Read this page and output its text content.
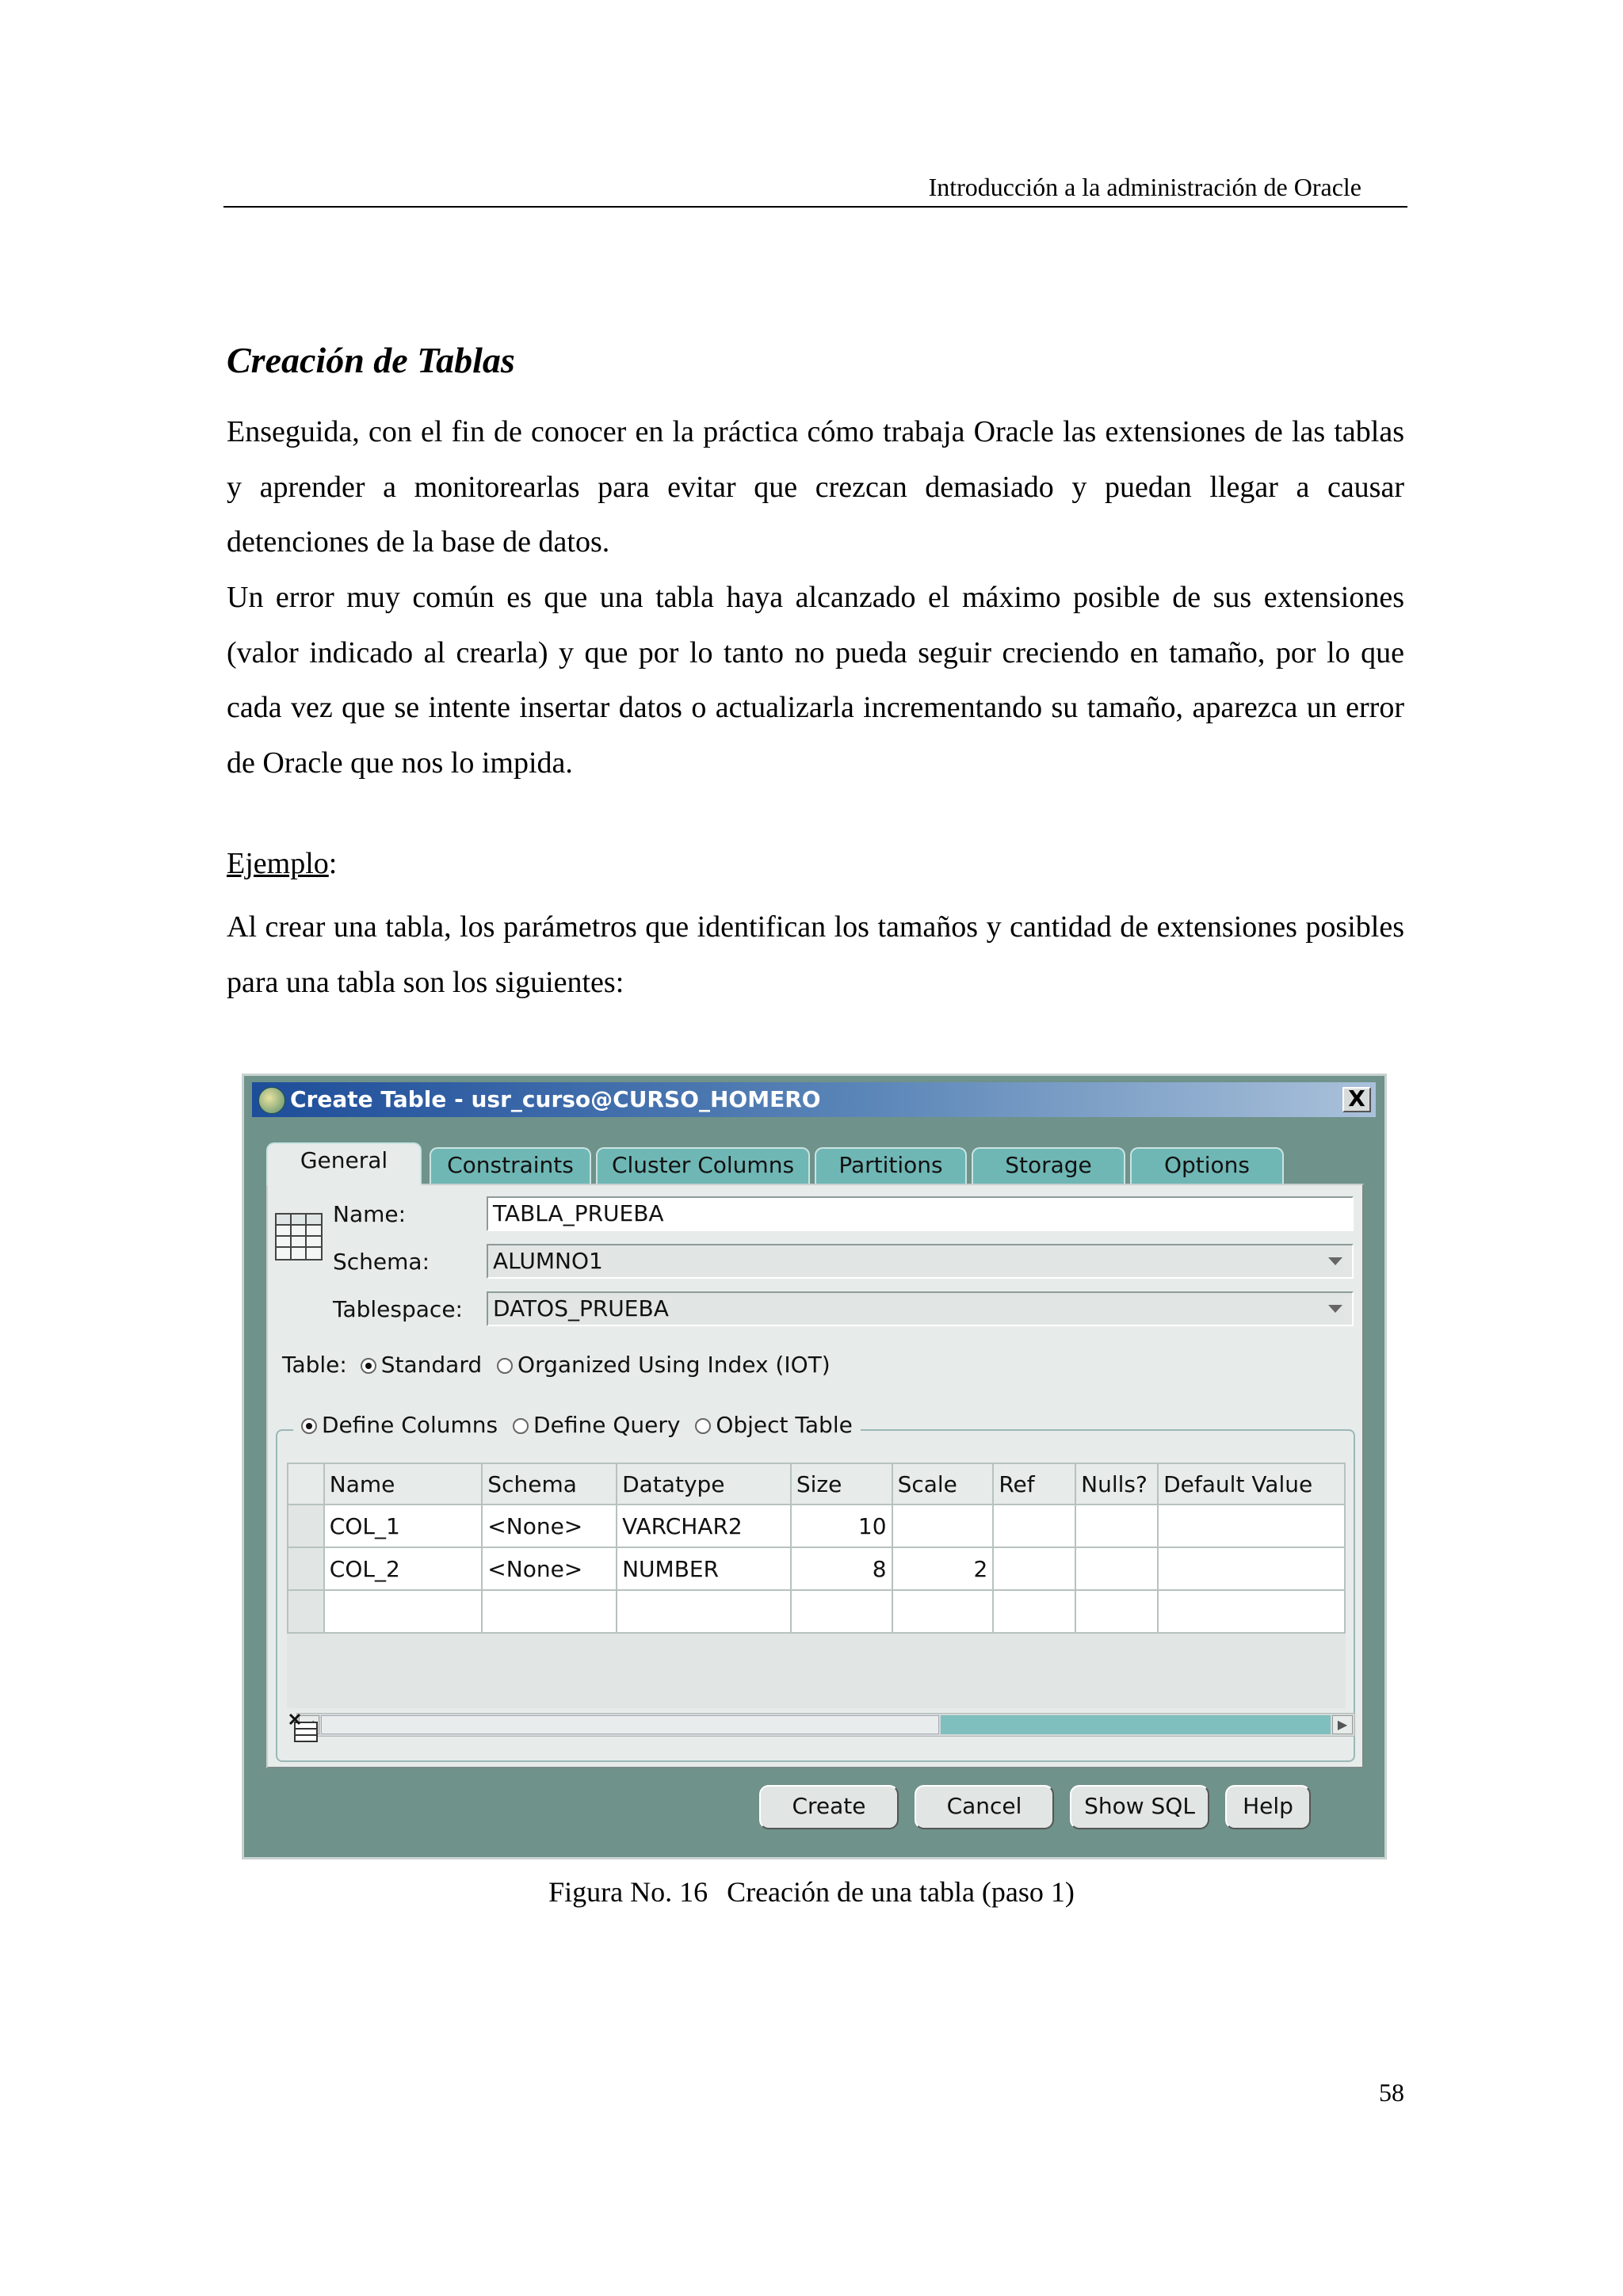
Introducción a la administración de Oracle
Creación de Tablas
Enseguida, con el fin de conocer en la práctica cómo trabaja Oracle las extensiones de las tablas y aprender a monitorearlas para evitar que crezcan demasiado y puedan llegar a causar detenciones de la base de datos.
Un error muy común es que una tabla haya alcanzado el máximo posible de sus extensiones (valor indicado al crearla) y que por lo tanto no pueda seguir creciendo en tamaño, por lo que cada vez que se intente insertar datos o actualizarla incrementando su tamaño, aparezca un error de Oracle que nos lo impida.
Ejemplo:
Al crear una tabla, los parámetros que identifican los tamaños y cantidad de extensiones posibles para una tabla son los siguientes:
Create Table - usr_curso@CURSO_HOMERO	X
General	Constraints	Cluster Columns	Partitions	Storage	Options
Name:	TABLA_PRUEBA
Schema:	ALUMNO1
Tablespace: DATOS_PRUEBA
Table: Standard Organized Using Index (IOT)
Define Columns Define Query Object Table
	Name	Schema	Datatype	Size	Scale	Ref	Nulls?	Default Value
	COL_1	<None>	VARCHAR2	10				
	COL_2	<None>	NUMBER	8	2			

▶
Create	Cancel	Show SQL	Help
Figura No. 16 Creación de una tabla (paso 1)
58
